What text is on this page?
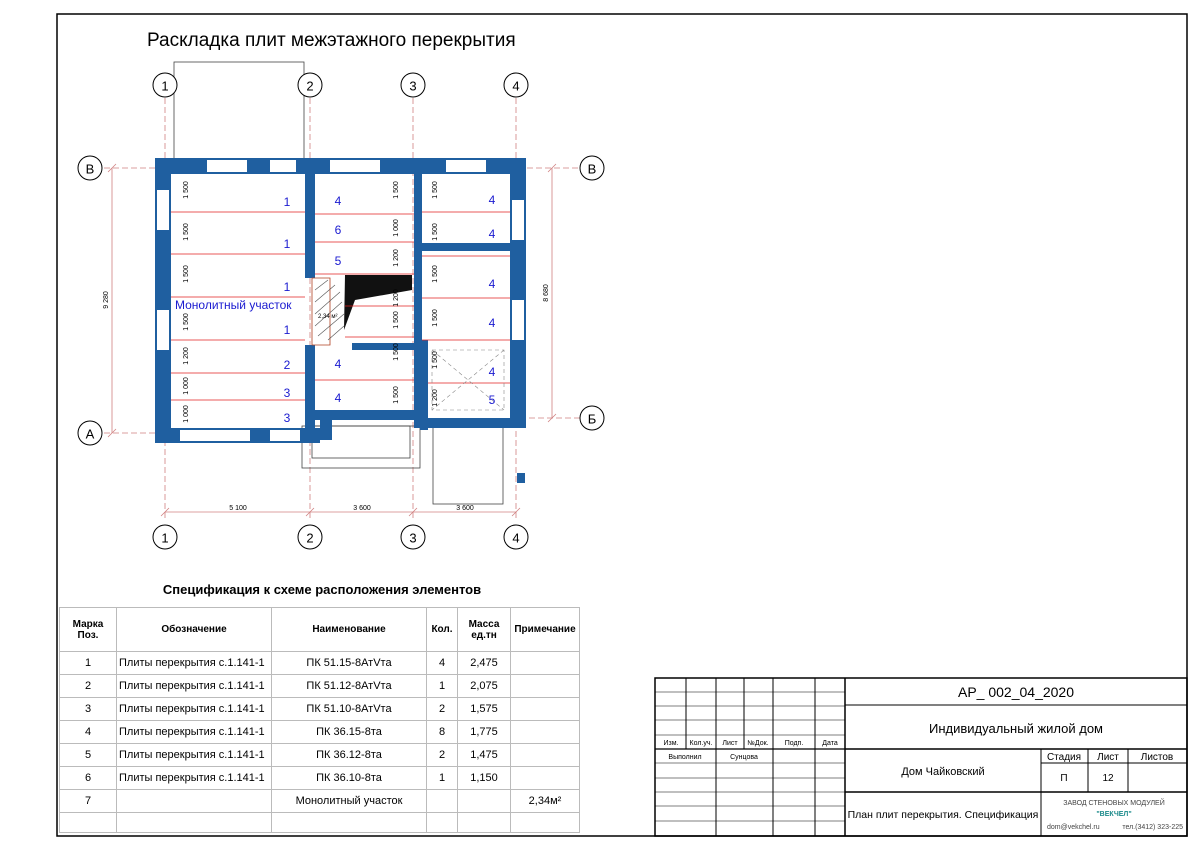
1	2	3	4
1	2	3	4
В	В
А
Б
9 280	8 680
5 100	3 600	3 600
1 500
1 500
1 500
1 500
1 200
1 000
1 000
1 500
1 000
1 200
1 500
1 500
1 500
1 500
1 500
1 500
1 200
1 500
1 500
1 200
1
1
1
1
2
3
3
4
6
5
4
4
4
4
4
4
4
5
Монолитный участок
2,34 м²
Изм. Кол.уч. Лист №Док. Подп.	Дата
Выполнил	Сунцова
АР_ 002_04_2020
Индивидуальный жилой дом
Дом Чайковский
План плит перекрытия. Спецификация
Стадия Лист Листов
П	12
ЗАВОД СТЕНОВЫХ МОДУЛЕЙ
"ВЕКЧЕЛ"
dom@vekchel.ru	тел.(3412) 323-225
Раскладка плит межэтажного перекрытия
Спецификация к схеме расположения элементов
Марка Поз.	Обозначение	Наименование	Кол.	Масса ед.тн	Примечание
1	Плиты перекрытия с.1.141-1	ПК 51.15-8АтVта	4	2,475	
2	Плиты перекрытия с.1.141-1	ПК 51.12-8АтVта	1	2,075	
3	Плиты перекрытия с.1.141-1	ПК 51.10-8АтVта	2	1,575	
4	Плиты перекрытия с.1.141-1	ПК 36.15-8та	8	1,775	
5	Плиты перекрытия с.1.141-1	ПК 36.12-8та	2	1,475	
6	Плиты перекрытия с.1.141-1	ПК 36.10-8та	1	1,150	
7		Монолитный участок			2,34м²
